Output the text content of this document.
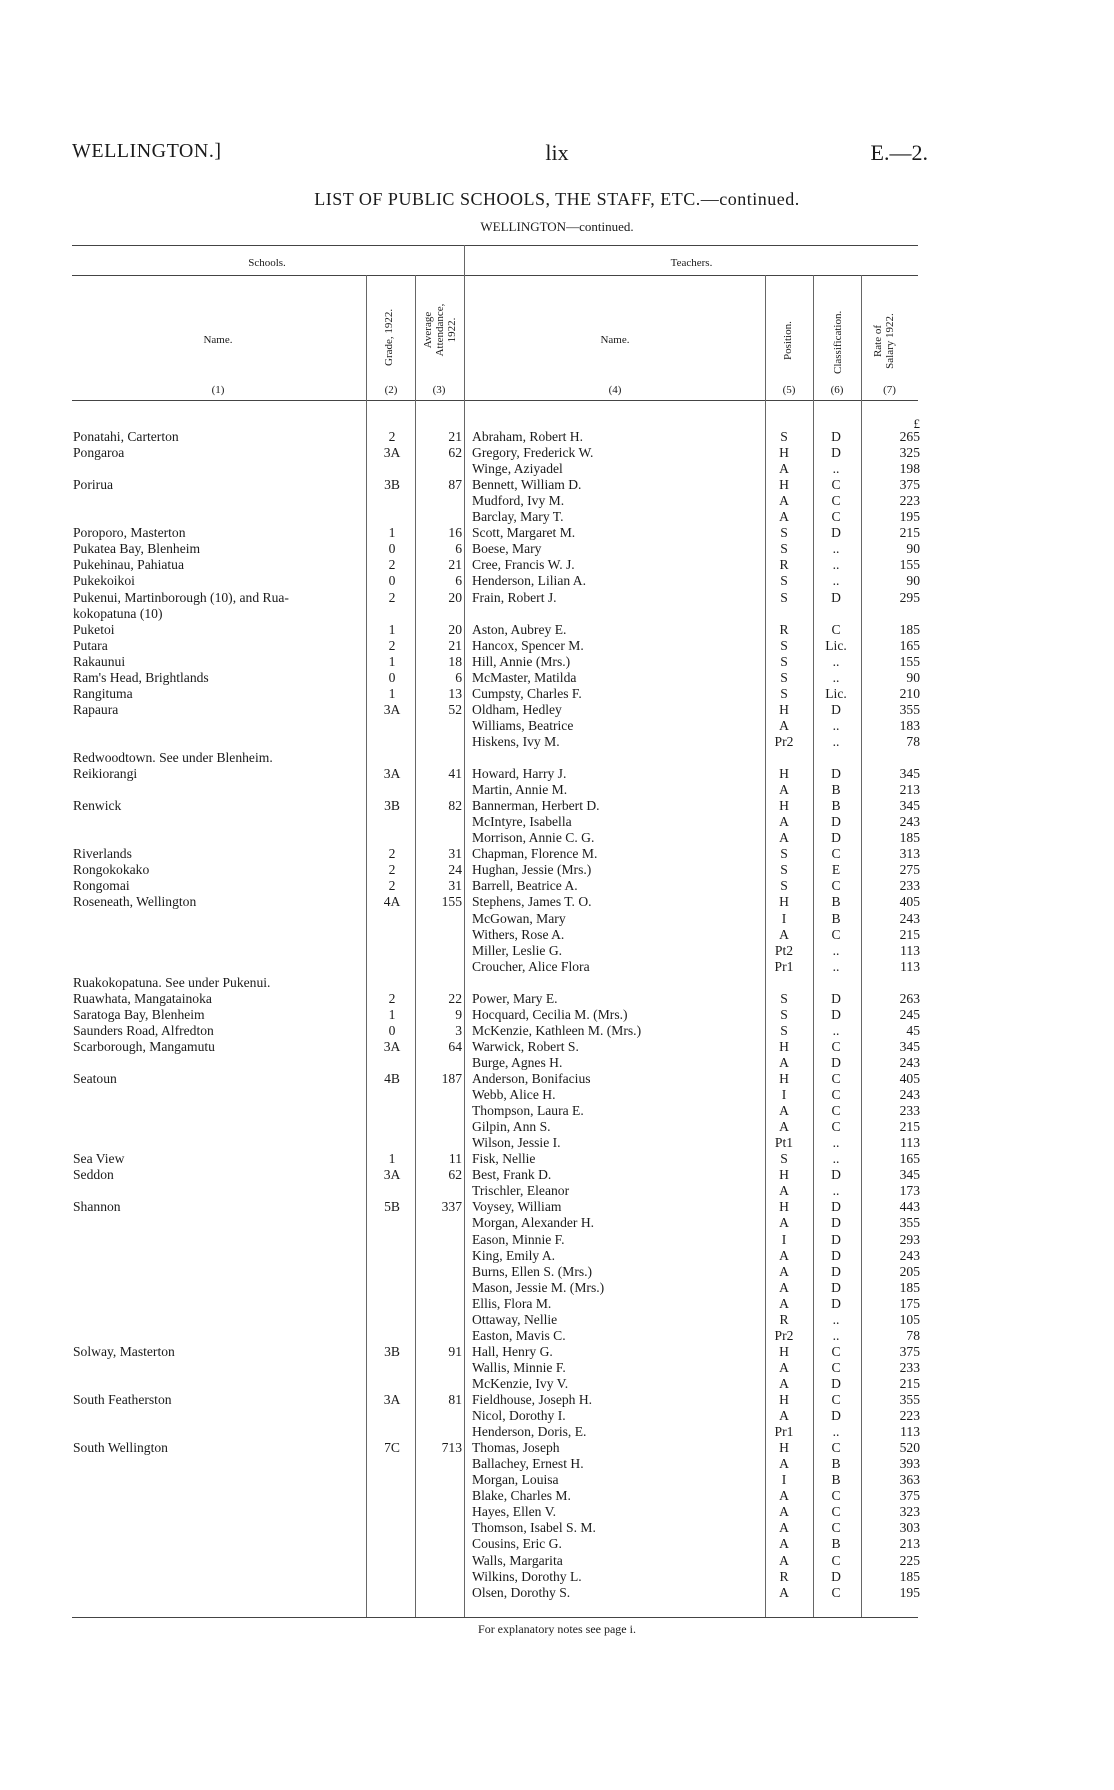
WELLINGTON.]	lix	E.—2.
LIST OF PUBLIC SCHOOLS, THE STAFF, ETC.—continued.
WELLINGTON—continued.
Schools.	Teachers.
Name.	Grade, 1922. Average Attendance, 1922.	Name.	Position.	Classification.	Rate of Salary 1922.
(1)	(2)	(3)	(4)	(5)	(6)	(7)
£
Ponatahi, Carterton	2	21 Abraham, Robert H.	S	D	265
Pongaroa	3A	62 Gregory, Frederick W.	H	D	325
Winge, Aziyadel	A	..	198
Porirua	3B	87 Bennett, William D.	H	C	375
Mudford, Ivy M.	A	C	223
Barclay, Mary T.	A	C	195
Poroporo, Masterton	1	16 Scott, Margaret M.	S	D	215
Pukatea Bay, Blenheim	0	6 Boese, Mary	S	..	90
Pukehinau, Pahiatua	2	21 Cree, Francis W. J.	R	..	155
Pukekoikoi	0	6 Henderson, Lilian A.	S	..	90
Pukenui, Martinborough (10), and Rua-	2	20 Frain, Robert J.	S	D	295
kokopatuna (10)
Puketoi	1	20 Aston, Aubrey E.	R	C	185
Putara	2	21 Hancox, Spencer M.	S	Lic.	165
Rakaunui	1	18 Hill, Annie (Mrs.)	S	..	155
Ram's Head, Brightlands	0	6 McMaster, Matilda	S	..	90
Rangituma	1	13 Cumpsty, Charles F.	S	Lic.	210
Rapaura	3A	52 Oldham, Hedley	H	D	355
Williams, Beatrice	A	..	183
Hiskens, Ivy M.	Pr2	..	78
Redwoodtown. See under Blenheim.
Reikiorangi	3A	41 Howard, Harry J.	H	D	345
Martin, Annie M.	A	B	213
Renwick	3B	82 Bannerman, Herbert D.	H	B	345
McIntyre, Isabella	A	D	243
Morrison, Annie C. G.	A	D	185
Riverlands	2	31 Chapman, Florence M.	S	C	313
Rongokokako	2	24 Hughan, Jessie (Mrs.)	S	E	275
Rongomai	2	31 Barrell, Beatrice A.	S	C	233
Roseneath, Wellington	4A	155 Stephens, James T. O.	H	B	405
McGowan, Mary	I	B	243
Withers, Rose A.	A	C	215
Miller, Leslie G.	Pt2	..	113
Croucher, Alice Flora	Pr1	..	113
Ruakokopatuna. See under Pukenui.
Ruawhata, Mangatainoka	2	22 Power, Mary E.	S	D	263
Saratoga Bay, Blenheim	1	9 Hocquard, Cecilia M. (Mrs.)	S	D	245
Saunders Road, Alfredton	0	3 McKenzie, Kathleen M. (Mrs.)	S	..	45
Scarborough, Mangamutu	3A	64 Warwick, Robert S.	H	C	345
Burge, Agnes H.	A	D	243
Seatoun	4B	187 Anderson, Bonifacius	H	C	405
Webb, Alice H.	I	C	243
Thompson, Laura E.	A	C	233
Gilpin, Ann S.	A	C	215
Wilson, Jessie I.	Pt1	..	113
Sea View	1	11 Fisk, Nellie	S	..	165
Seddon	3A	62 Best, Frank D.	H	D	345
Trischler, Eleanor	A	..	173
Shannon	5B	337 Voysey, William	H	D	443
Morgan, Alexander H.	A	D	355
Eason, Minnie F.	I	D	293
King, Emily A.	A	D	243
Burns, Ellen S. (Mrs.)	A	D	205
Mason, Jessie M. (Mrs.)	A	D	185
Ellis, Flora M.	A	D	175
Ottaway, Nellie	R	..	105
Easton, Mavis C.	Pr2	..	78
Solway, Masterton	3B	91 Hall, Henry G.	H	C	375
Wallis, Minnie F.	A	C	233
McKenzie, Ivy V.	A	D	215
South Featherston	3A	81 Fieldhouse, Joseph H.	H	C	355
Nicol, Dorothy I.	A	D	223
Henderson, Doris, E.	Pr1	..	113
South Wellington	7C	713 Thomas, Joseph	H	C	520
Ballachey, Ernest H.	A	B	393
Morgan, Louisa	I	B	363
Blake, Charles M.	A	C	375
Hayes, Ellen V.	A	C	323
Thomson, Isabel S. M.	A	C	303
Cousins, Eric G.	A	B	213
Walls, Margarita	A	C	225
Wilkins, Dorothy L.	R	D	185
Olsen, Dorothy S.	A	C	195
For explanatory notes see page i.
